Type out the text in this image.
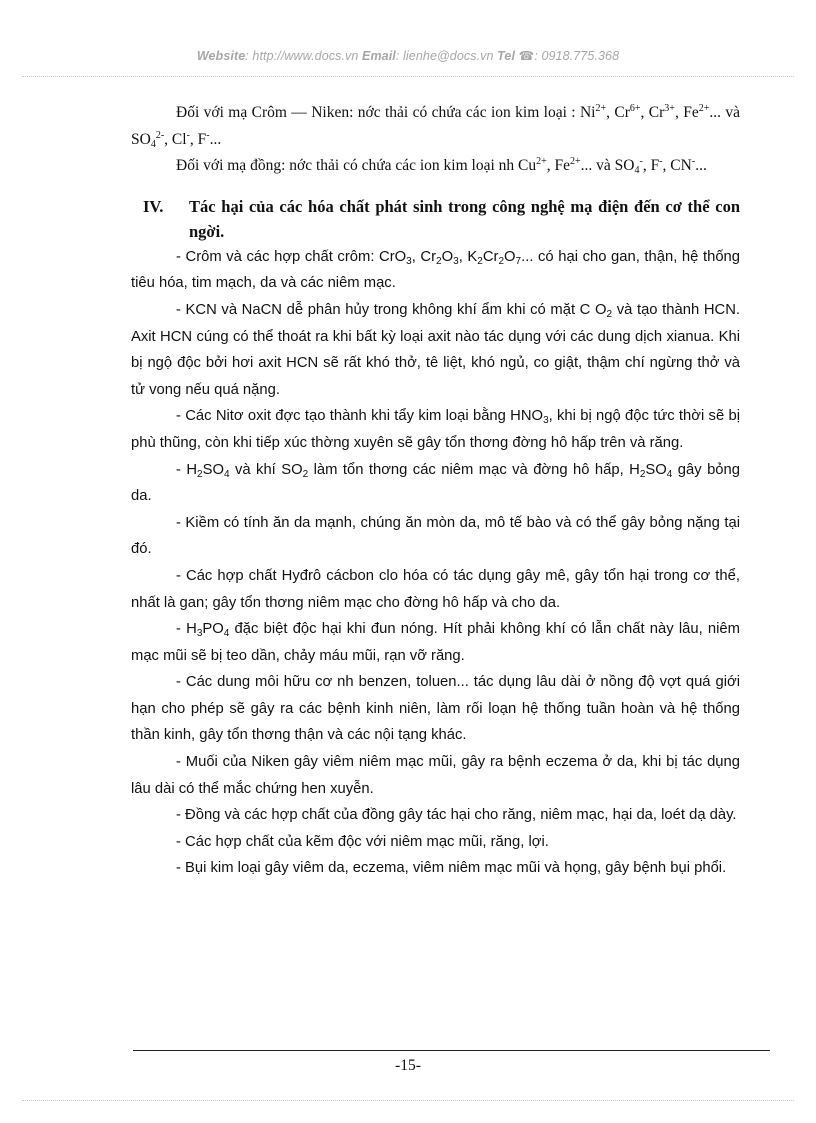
Website: http://www.docs.vn Email: lienhe@docs.vn Tel ☎: 0918.775.368

Đối với mạ Crôm — Niken: nớc thải có chứa các ion kim loại : $Ni^{2+}$, $Cr^{6+}$, $Cr^{3+}$, $Fe^{2+}$... và $SO_4^{2-}$, Cl-, F-...

Đối với mạ đồng: nớc thải có chứa các ion kim loại nh $Cu^{2+}$, $Fe^{2+}$... và $SO_4^-$, F-, CN-...

IV.	Tác hại của các hóa chất phát sinh trong công nghệ mạ điện đến cơ thể con ngời.

- Crôm và các hợp chất crôm: CrO$_3$, $Cr_2O_3$, $K_2Cr_2O_7$... có hại cho gan, thận, hệ thống tiêu hóa, tim mạch, da và các niêm mạc.

- KCN và NaCN dễ phân hủy trong không khí ẩm khi có mặt C $O_2$ và tạo thành HCN. Axit HCN cúng có thể thoát ra khi bất kỳ loại axit nào tác dụng với các dung dịch xianua. Khi bị ngộ độc bởi hơi axit HCN sẽ rất khó thở, tê liệt, khó ngủ, co giật, thậm chí ngừng thở và tử vong nếu quá nặng.

- Các Nitơ oxit đợc tạo thành khi tẩy kim loại bằng $HNO_3$, khi bị ngộ độc tức thời sẽ bị phù thũng, còn khi tiếp xúc thờng xuyên sẽ gây tổn thơng đờng hô hấp trên và răng.

- $H_2SO_4$ và khí $SO_2$ làm tổn thơng các niêm mạc và đờng hô hấp, $H_2SO_4$ gây bỏng da.

- Kiềm có tính ăn da mạnh, chúng ăn mòn da, mô tế bào và có thể gây bỏng nặng tại đó.

- Các hợp chất Hyđrô cácbon clo hóa có tác dụng gây mê, gây tổn hại trong cơ thể, nhất là gan; gây tổn thơng niêm mạc cho đờng hô hấp và cho da.

- $H_3PO_4$ đặc biệt độc hại khi đun nóng. Hít phải không khí có lẫn chất này lâu, niêm mạc mũi sẽ bị teo dần, chảy máu mũi, rạn vỡ răng.

- Các dung môi hữu cơ nh benzen, toluen... tác dụng lâu dài ở nồng độ vợt quá giới hạn cho phép sẽ gây ra các bệnh kinh niên, làm rối loạn hệ thống tuần hoàn và hệ thống thần kinh, gây tổn thơng thận và các nội tạng khác.

- Muối của Niken gây viêm niêm mạc mũi, gây ra bệnh eczema ở da, khi bị tác dụng lâu dài có thể mắc chứng hen xuyễn.

- Đồng và các hợp chất của đồng gây tác hại cho răng, niêm mạc, hại da, loét dạ dày.

- Các hợp chất của kẽm độc với niêm mạc mũi, răng, lợi.

- Bụi kim loại gây viêm da, eczema, viêm niêm mạc mũi và họng, gây bệnh bụi phổi.

-15-
